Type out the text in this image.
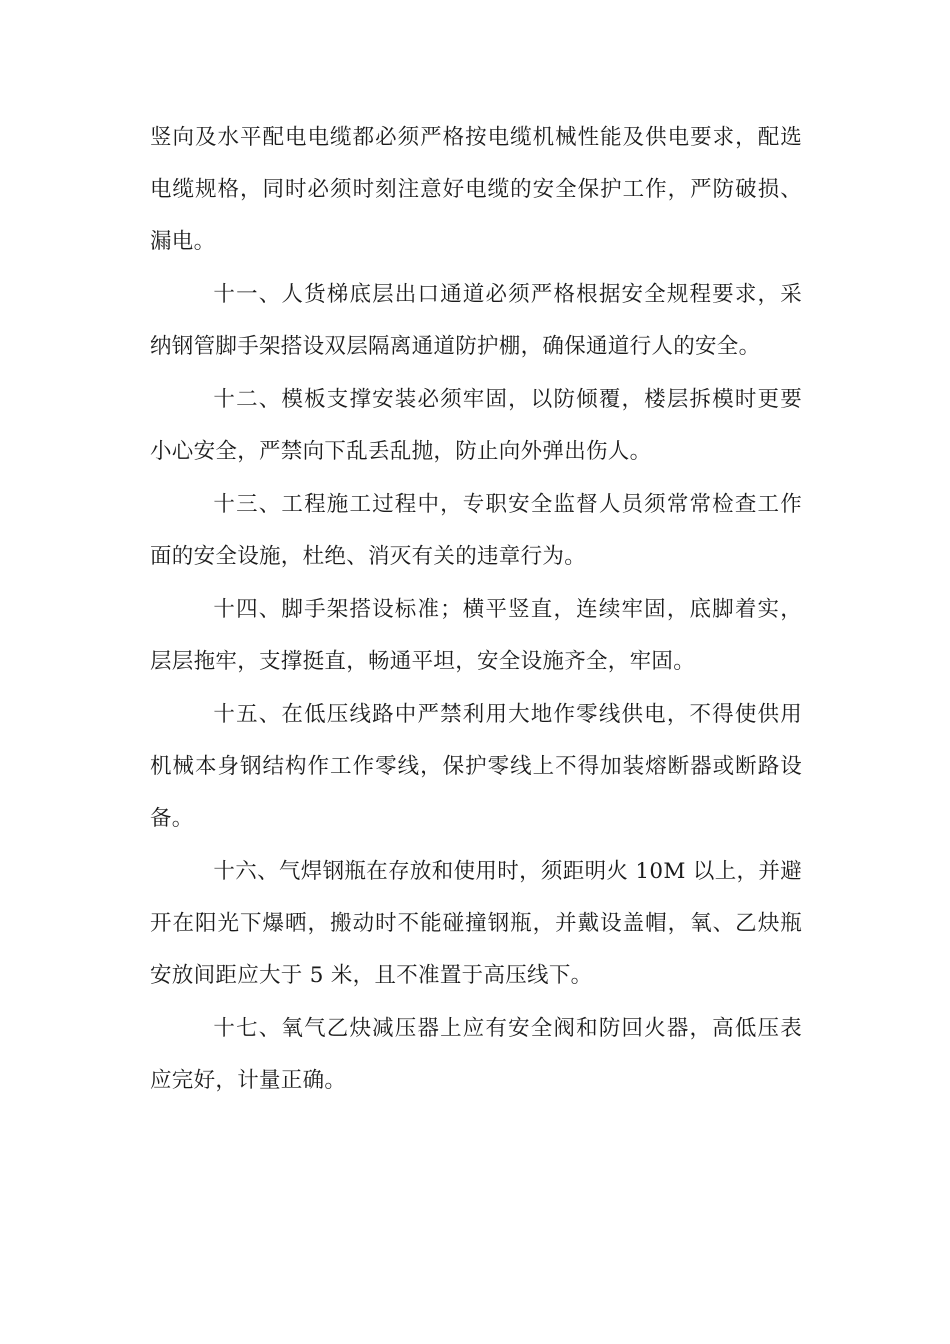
竖向及水平配电电缆都必须严格按电缆机械性能及供电要求，配选电缆规格，同时必须时刻注意好电缆的安全保护工作，严防破损、漏电。

十一、人货梯底层出口通道必须严格根据安全规程要求，采纳钢管脚手架搭设双层隔离通道防护棚，确保通道行人的安全。

十二、模板支撑安装必须牢固，以防倾覆，楼层拆模时更要小心安全，严禁向下乱丢乱抛，防止向外弹出伤人。

十三、工程施工过程中，专职安全监督人员须常常检查工作面的安全设施，杜绝、消灭有关的违章行为。

十四、脚手架搭设标准；横平竖直，连续牢固，底脚着实，层层拖牢，支撑挺直，畅通平坦，安全设施齐全，牢固。

十五、在低压线路中严禁利用大地作零线供电，不得使供用机械本身钢结构作工作零线，保护零线上不得加装熔断器或断路设备。

十六、气焊钢瓶在存放和使用时，须距明火 10M 以上，并避开在阳光下爆晒，搬动时不能碰撞钢瓶，并戴设盖帽，氧、乙炔瓶安放间距应大于 5 米，且不准置于高压线下。

十七、氧气乙炔减压器上应有安全阀和防回火器，高低压表应完好，计量正确。
